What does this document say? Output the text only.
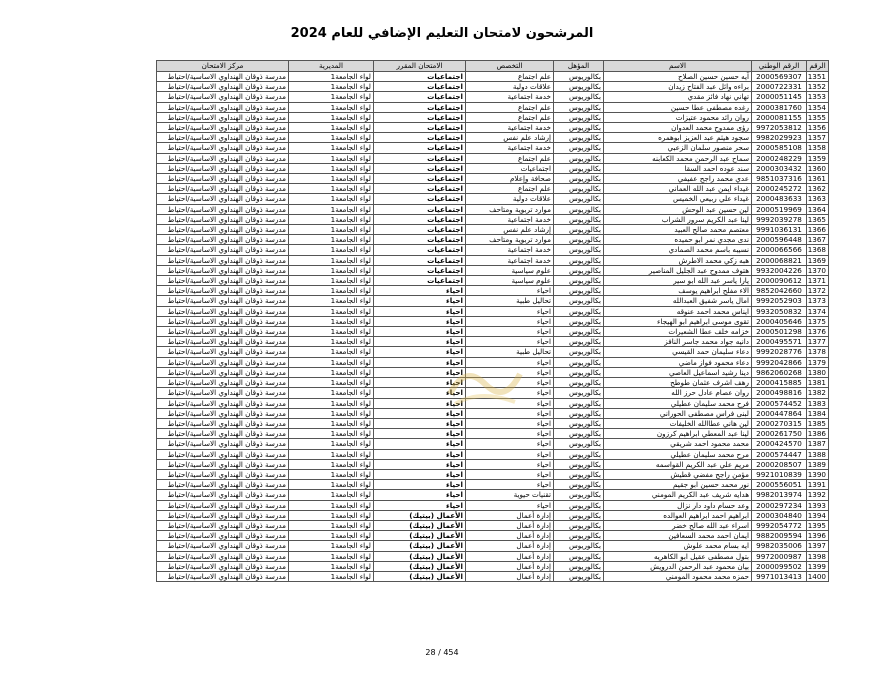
المرشحون لامتحان التعليم الإضافي للعام 2024
الرقم	الرقم الوطني	الاسم	المؤهل	التخصص	الامتحان المقرر	المديرية	مركز الامتحان
1351	2000569307	آيه حسين حسين الصلاح	بكالوريوس	علم اجتماع	اجتماعيات	لواء الجامعة1	مدرسة ذوقان الهنداوي الاساسية/احتياط
1352	2000722331	براءه وائل عبد الفتاح زيدان	بكالوريوس	علاقات دولية	اجتماعيات	لواء الجامعة1	مدرسة ذوقان الهنداوي الاساسية/احتياط
1353	2000051145	تهاني نهاد فائز مقدي	بكالوريوس	خدمة اجتماعية	اجتماعيات	لواء الجامعة1	مدرسة ذوقان الهنداوي الاساسية/احتياط
1354	2000381760	رغده مصطفى عطا حسين	بكالوريوس	علم اجتماع	اجتماعيات	لواء الجامعة1	مدرسة ذوقان الهنداوي الاساسية/احتياط
1355	2000081155	روان رائد محمود عتيزات	بكالوريوس	علم اجتماع	اجتماعيات	لواء الجامعة1	مدرسة ذوقان الهنداوي الاساسية/احتياط
1356	9972053812	رؤى ممدوح محمد العدوان	بكالوريوس	خدمة اجتماعية	اجتماعيات	لواء الجامعة1	مدرسة ذوقان الهنداوي الاساسية/احتياط
1357	9982029923	سجود هيثم عبد العزيز ابوهمره	بكالوريوس	إرشاد علم نفس	اجتماعيات	لواء الجامعة1	مدرسة ذوقان الهنداوي الاساسية/احتياط
1358	2000585108	سحر منصور سلمان الزعبي	بكالوريوس	خدمة اجتماعية	اجتماعيات	لواء الجامعة1	مدرسة ذوقان الهنداوي الاساسية/احتياط
1359	2000248229	سماح عبد الرحمن محمد الكعابنه	بكالوريوس	علم اجتماع	اجتماعيات	لواء الجامعة1	مدرسة ذوقان الهنداوي الاساسية/احتياط
1360	2000303432	سند عوده احمد السقا	بكالوريوس	اجتماعيات	اجتماعيات	لواء الجامعة1	مدرسة ذوقان الهنداوي الاساسية/احتياط
1361	9851037316	عدي محمد راجح عفيفي	بكالوريوس	صحافة وإعلام	اجتماعيات	لواء الجامعة1	مدرسة ذوقان الهنداوي الاساسية/احتياط
1362	2000245272	غيداء ايمن عبد الله العماني	بكالوريوس	علم اجتماع	اجتماعيات	لواء الجامعة1	مدرسة ذوقان الهنداوي الاساسية/احتياط
1363	2000483633	غيداء علي ربيعي الخميس	بكالوريوس	علاقات دولية	اجتماعيات	لواء الجامعة1	مدرسة ذوقان الهنداوي الاساسية/احتياط
1364	2000519969	لين حسين عبد الوحش	بكالوريوس	موارد تربوية ومتاحف	اجتماعيات	لواء الجامعة1	مدرسة ذوقان الهنداوي الاساسية/احتياط
1365	9992039278	لينا عبد الكريم سرور الشراب	بكالوريوس	خدمة اجتماعية	اجتماعيات	لواء الجامعة1	مدرسة ذوقان الهنداوي الاساسية/احتياط
1366	9991036131	معتصم محمد صالح العبيد	بكالوريوس	إرشاد علم نفس	اجتماعيات	لواء الجامعة1	مدرسة ذوقان الهنداوي الاساسية/احتياط
1367	2000596448	ندى مجدي نمر ابو حميده	بكالوريوس	موارد تربوية ومتاحف	اجتماعيات	لواء الجامعة1	مدرسة ذوقان الهنداوي الاساسية/احتياط
1368	2000066566	نسيبه باسم محمد الصمادي	بكالوريوس	خدمة اجتماعية	اجتماعيات	لواء الجامعة1	مدرسة ذوقان الهنداوي الاساسية/احتياط
1369	2000068821	هبه زكي محمد الاطرش	بكالوريوس	خدمة اجتماعية	اجتماعيات	لواء الجامعة1	مدرسة ذوقان الهنداوي الاساسية/احتياط
1370	9932004226	هتوف ممدوح عبد الجليل المناصير	بكالوريوس	علوم سياسية	اجتماعيات	لواء الجامعة1	مدرسة ذوقان الهنداوي الاساسية/احتياط
1371	2000090612	يارا ياسر عبد الله ابو سير	بكالوريوس	علوم سياسية	اجتماعيات	لواء الجامعة1	مدرسة ذوقان الهنداوي الاساسية/احتياط
1372	9852042660	الاء مفلح ابراهيم يوسف	بكالوريوس	احياء	احياء	لواء الجامعة1	مدرسة ذوقان الهنداوي الاساسية/احتياط
1373	9992052903	امال ياسر شفيق العبدالله	بكالوريوس	تحاليل طبية	احياء	لواء الجامعة1	مدرسة ذوقان الهنداوي الاساسية/احتياط
1374	9932050832	ايناس محمد احمد عنوقه	بكالوريوس	احياء	احياء	لواء الجامعة1	مدرسة ذوقان الهنداوي الاساسية/احتياط
1375	2000405646	تقوى موسى ابراهيم ابو الهيجاء	بكالوريوس	احياء	احياء	لواء الجامعة1	مدرسة ذوقان الهنداوي الاساسية/احتياط
1376	2000501298	خزامه خلف عطا الشعيرات	بكالوريوس	احياء	احياء	لواء الجامعة1	مدرسة ذوقان الهنداوي الاساسية/احتياط
1377	2000495571	دانيه جواد محمد جاسر النافز	بكالوريوس	احياء	احياء	لواء الجامعة1	مدرسة ذوقان الهنداوي الاساسية/احتياط
1378	9992028776	دعاء سليمان حمد القيسي	بكالوريوس	تحاليل طبية	احياء	لواء الجامعة1	مدرسة ذوقان الهنداوي الاساسية/احتياط
1379	9992042866	دعاء محمود فواز ماضي	بكالوريوس	احياء	احياء	لواء الجامعة1	مدرسة ذوقان الهنداوي الاساسية/احتياط
1380	9862060268	دينا رشيد اسماعيل العاصي	بكالوريوس	احياء	احياء	لواء الجامعة1	مدرسة ذوقان الهنداوي الاساسية/احتياط
1381	2000415885	رهف اشرف عثمان طوطح	بكالوريوس	احياء	احياء	لواء الجامعة1	مدرسة ذوقان الهنداوي الاساسية/احتياط
1382	2000498816	روان عصام عادل حرز الله	بكالوريوس	احياء	احياء	لواء الجامعة1	مدرسة ذوقان الهنداوي الاساسية/احتياط
1383	2000574452	فرح محمد سليمان عطيلي	بكالوريوس	احياء	احياء	لواء الجامعة1	مدرسة ذوقان الهنداوي الاساسية/احتياط
1384	2000447864	لبنى فراس مصطفى الحوراني	بكالوريوس	احياء	احياء	لواء الجامعة1	مدرسة ذوقان الهنداوي الاساسية/احتياط
1385	2000270315	لين هاني عطاالله الخليفات	بكالوريوس	احياء	احياء	لواء الجامعة1	مدرسة ذوقان الهنداوي الاساسية/احتياط
1386	2000261750	لينا عبد المعطي ابراهيم كرزون	بكالوريوس	احياء	احياء	لواء الجامعة1	مدرسة ذوقان الهنداوي الاساسية/احتياط
1387	2000424570	محمد محمود احمد شريقي	بكالوريوس	احياء	احياء	لواء الجامعة1	مدرسة ذوقان الهنداوي الاساسية/احتياط
1388	2000574447	مرح محمد سليمان عطيلي	بكالوريوس	احياء	احياء	لواء الجامعة1	مدرسة ذوقان الهنداوي الاساسية/احتياط
1389	2000208507	مريم علي عبد الكريم القواسمه	بكالوريوس	احياء	احياء	لواء الجامعة1	مدرسة ذوقان الهنداوي الاساسية/احتياط
1390	9921010839	مؤمن راجح مفضي قطيش	بكالوريوس	احياء	احياء	لواء الجامعة1	مدرسة ذوقان الهنداوي الاساسية/احتياط
1391	2000556051	نور محمد حسين ابو جقيم	بكالوريوس	احياء	احياء	لواء الجامعة1	مدرسة ذوقان الهنداوي الاساسية/احتياط
1392	9982013974	هدايه شريف عبد الكريم المومني	بكالوريوس	تقنيات حيوية	احياء	لواء الجامعة1	مدرسة ذوقان الهنداوي الاساسية/احتياط
1393	2000297234	وعد حسام داود دار نزال	بكالوريوس	احياء	احياء	لواء الجامعة1	مدرسة ذوقان الهنداوي الاساسية/احتياط
1394	2000304840	ابراهيم احمد ابراهيم العوالده	بكالوريوس	إدارة أعمال	الأعمال (بيتيك)	لواء الجامعة1	مدرسة ذوقان الهنداوي الاساسية/احتياط
1395	9992054772	اسراء عبد الله صالح خضر	بكالوريوس	إدارة أعمال	الأعمال (بيتيك)	لواء الجامعة1	مدرسة ذوقان الهنداوي الاساسية/احتياط
1396	9882009594	ايمان احمد محمد السعافين	بكالوريوس	إدارة أعمال	الأعمال (بيتيك)	لواء الجامعة1	مدرسة ذوقان الهنداوي الاساسية/احتياط
1397	9982035006	ايه بسام محمد علوش	بكالوريوس	إدارة أعمال	الأعمال (بيتيك)	لواء الجامعة1	مدرسة ذوقان الهنداوي الاساسية/احتياط
1398	9972000987	بتول مصطفى عقيل ابو الكاهريه	بكالوريوس	إدارة أعمال	الأعمال (بيتيك)	لواء الجامعة1	مدرسة ذوقان الهنداوي الاساسية/احتياط
1399	2000099502	بيان محمود عبد الرحمن الدرويش	بكالوريوس	إدارة أعمال	الأعمال (بيتيك)	لواء الجامعة1	مدرسة ذوقان الهنداوي الاساسية/احتياط
1400	9971013413	حمزه محمد محمود المومني	بكالوريوس	إدارة أعمال	الأعمال (بيتيك)	لواء الجامعة1	مدرسة ذوقان الهنداوي الاساسية/احتياط
28 / 454
